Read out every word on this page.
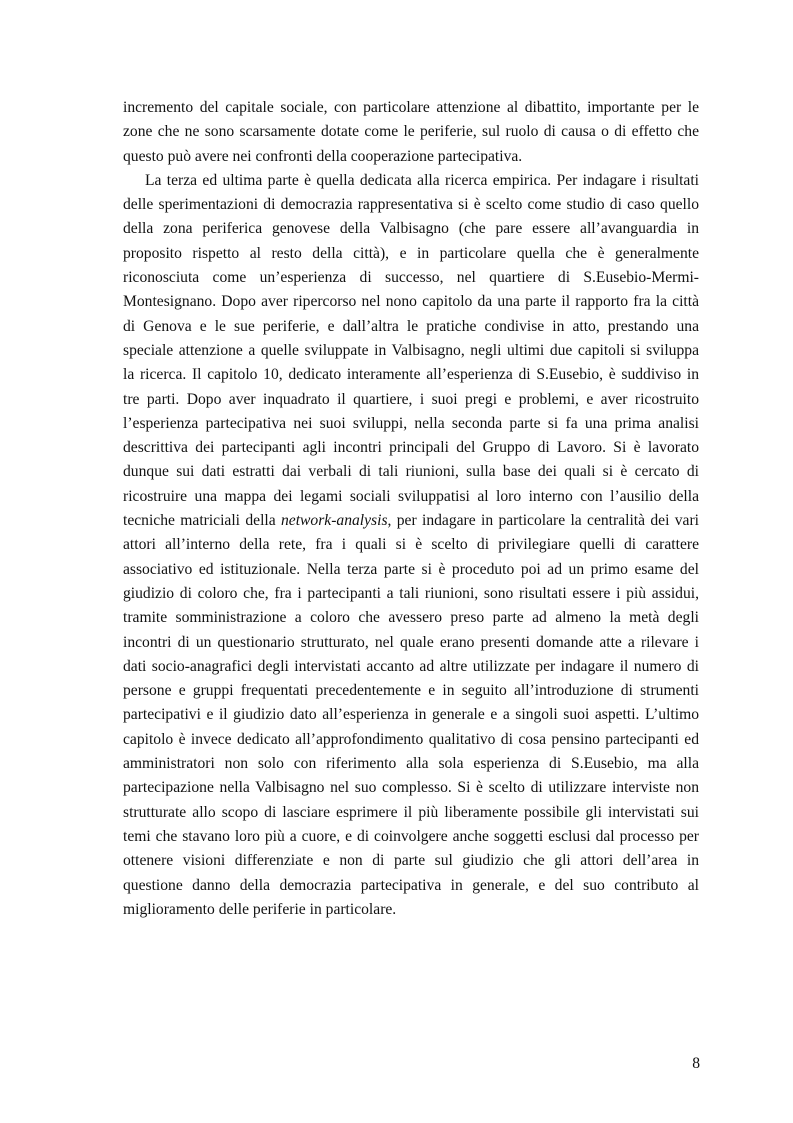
incremento del capitale sociale, con particolare attenzione al dibattito, importante per le
zone che ne sono scarsamente dotate come le periferie, sul ruolo di causa o di effetto che
questo può avere nei confronti della cooperazione partecipativa.
La terza ed ultima parte è quella dedicata alla ricerca empirica. Per indagare i risultati
delle sperimentazioni di democrazia rappresentativa si è scelto come studio di caso quello
della zona periferica genovese della Valbisagno (che pare essere all’avanguardia in
proposito rispetto al resto della città), e in particolare quella che è generalmente
riconosciuta come un’esperienza di successo, nel quartiere di S.Eusebio-Mermi-
Montesignano. Dopo aver ripercorso nel nono capitolo da una parte il rapporto fra la città
di Genova e le sue periferie, e dall’altra le pratiche condivise in atto, prestando una
speciale attenzione a quelle sviluppate in Valbisagno, negli ultimi due capitoli si sviluppa
la ricerca. Il capitolo 10, dedicato interamente all’esperienza di S.Eusebio, è suddiviso in
tre parti. Dopo aver inquadrato il quartiere, i suoi pregi e problemi, e aver ricostruito
l’esperienza partecipativa nei suoi sviluppi, nella seconda parte si fa una prima analisi
descrittiva dei partecipanti agli incontri principali del Gruppo di Lavoro. Si è lavorato
dunque sui dati estratti dai verbali di tali riunioni, sulla base dei quali si è cercato di
ricostruire una mappa dei legami sociali sviluppatisi al loro interno con l’ausilio della
tecniche matriciali della network-analysis, per indagare in particolare la centralità dei vari
attori all’interno della rete, fra i quali si è scelto di privilegiare quelli di carattere
associativo ed istituzionale. Nella terza parte si è proceduto poi ad un primo esame del
giudizio di coloro che, fra i partecipanti a tali riunioni, sono risultati essere i più assidui,
tramite somministrazione a coloro che avessero preso parte ad almeno la metà degli
incontri di un questionario strutturato, nel quale erano presenti domande atte a rilevare i
dati socio-anagrafici degli intervistati accanto ad altre utilizzate per indagare il numero di
persone e gruppi frequentati precedentemente e in seguito all’introduzione di strumenti
partecipativi e il giudizio dato all’esperienza in generale e a singoli suoi aspetti. L’ultimo
capitolo è invece dedicato all’approfondimento qualitativo di cosa pensino partecipanti ed
amministratori non solo con riferimento alla sola esperienza di S.Eusebio, ma alla
partecipazione nella Valbisagno nel suo complesso. Si è scelto di utilizzare interviste non
strutturate allo scopo di lasciare esprimere il più liberamente possibile gli intervistati sui
temi che stavano loro più a cuore, e di coinvolgere anche soggetti esclusi dal processo per
ottenere visioni differenziate e non di parte sul giudizio che gli attori dell’area in
questione danno della democrazia partecipativa in generale, e del suo contributo al
miglioramento delle periferie in particolare.
8
